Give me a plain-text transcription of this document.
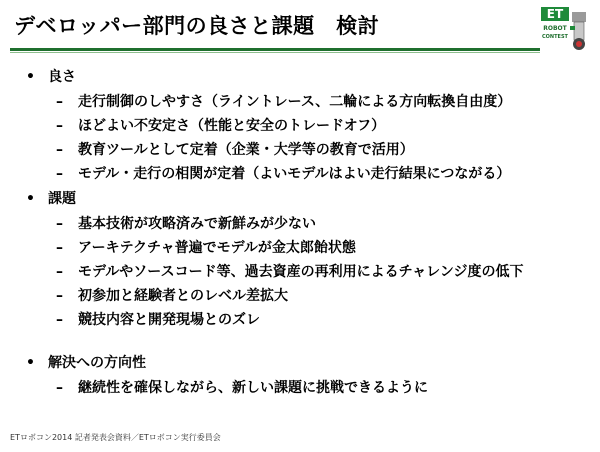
デベロッパー部門の良さと課題　検討	ET
ROBOT
CONTEST
• 良さ
– 走行制御のしやすさ（ライントレース、二輪による方向転換自由度）
– ほどよい不安定さ（性能と安全のトレードオフ）
– 教育ツールとして定着（企業・大学等の教育で活用）
– モデル・走行の相関が定着（よいモデルはよい走行結果につながる）
• 課題
– 基本技術が攻略済みで新鮮みが少ない
– アーキテクチャ普遍でモデルが金太郎飴状態
– モデルやソースコード等、過去資産の再利用によるチャレンジ度の低下
– 初参加と経験者とのレベル差拡大
– 競技内容と開発現場とのズレ
• 解決への方向性
– 継続性を確保しながら、新しい課題に挑戦できるように
ETロボコン2014 記者発表会資料／ETロボコン実行委員会
